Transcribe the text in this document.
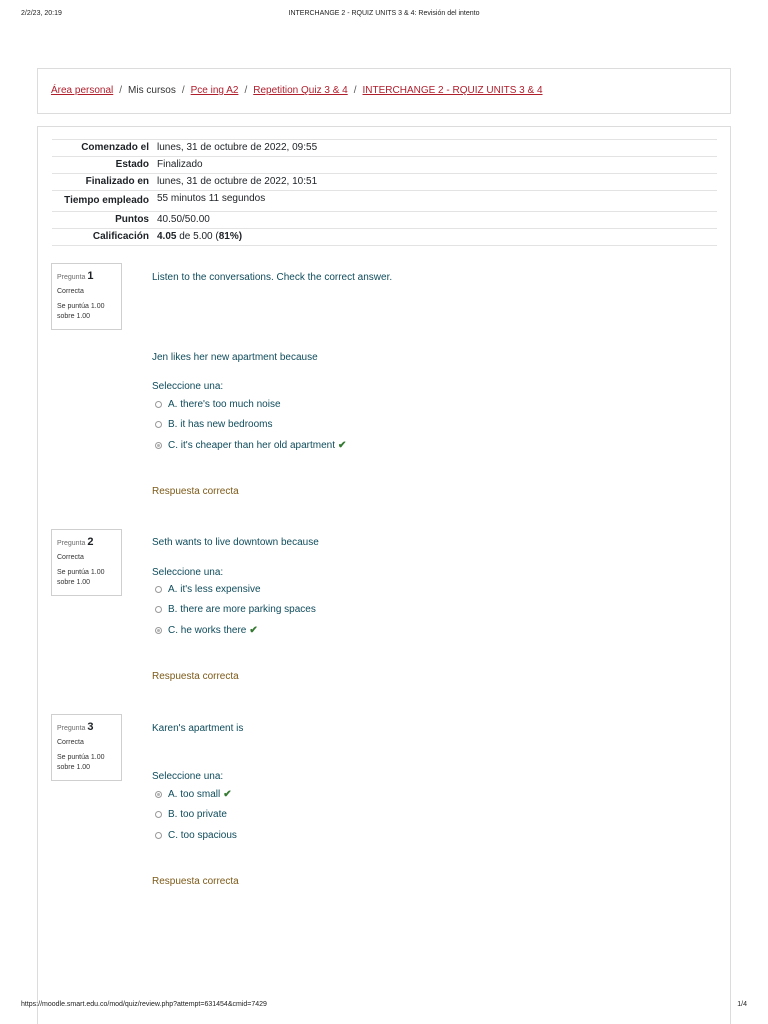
2/2/23, 20:19	INTERCHANGE 2 - RQUIZ UNITS 3 & 4: Revisión del intento
Área personal / Mis cursos / Pce ing A2 / Repetition Quiz 3 & 4 / INTERCHANGE 2 - RQUIZ UNITS 3 & 4
Comenzado el	lunes, 31 de octubre de 2022, 09:55
Estado	Finalizado
Finalizado en	lunes, 31 de octubre de 2022, 10:51
Tiempo empleado	55 minutos 11 segundos
Puntos	40.50/50.00
Calificación	4.05 de 5.00 (81%)
Pregunta 1
Correcta
Se puntúa 1.00
sobre 1.00
Listen to the conversations. Check the correct answer.
Jen likes her new apartment because
Seleccione una:
A. there's too much noise
B. it has new bedrooms
C. it's cheaper than her old apartment ✔
Respuesta correcta
Pregunta 2
Correcta
Se puntúa 1.00
sobre 1.00
Seth wants to live downtown because
Seleccione una:
A. it's less expensive
B. there are more parking spaces
C. he works there ✔
Respuesta correcta
Pregunta 3
Correcta
Se puntúa 1.00
sobre 1.00
Karen's apartment is
Seleccione una:
A. too small ✔
B. too private
C. too spacious
Respuesta correcta
https://moodle.smart.edu.co/mod/quiz/review.php?attempt=631454&cmid=7429	1/4
